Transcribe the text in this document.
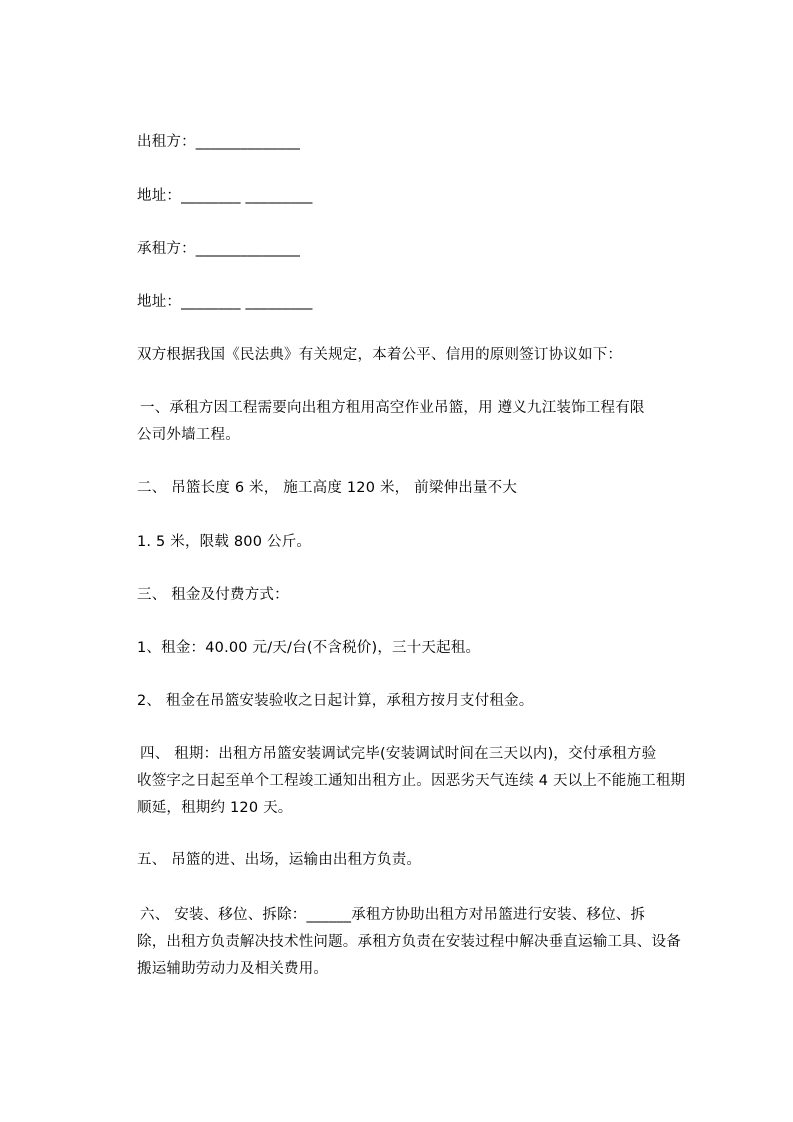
出租方：______________
地址：________ _________
承租方：______________
地址：________ _________
双方根据我国《民法典》有关规定，本着公平、信用的原则签订协议如下：
一、承租方因工程需要向出租方租用高空作业吊篮，用 遵义九江装饰工程有限
公司外墙工程。
二、 吊篮长度 6 米， 施工高度 120 米， 前梁伸出量不大
1. 5 米，限载 800 公斤。
三、 租金及付费方式：
1、租金：40.00 元/天/台(不含税价)，三十天起租。
2、 租金在吊篮安装验收之日起计算，承租方按月支付租金。
四、 租期：出租方吊篮安装调试完毕(安装调试时间在三天以内)，交付承租方验
收签字之日起至单个工程竣工通知出租方止。因恶劣天气连续 4 天以上不能施工租期
顺延，租期约 120 天。
五、 吊篮的进、出场，运输由出租方负责。
六、 安装、移位、拆除：______承租方协助出租方对吊篮进行安装、移位、拆
除，出租方负责解决技术性问题。承租方负责在安装过程中解决垂直运输工具、设备
搬运辅助劳动力及相关费用。
